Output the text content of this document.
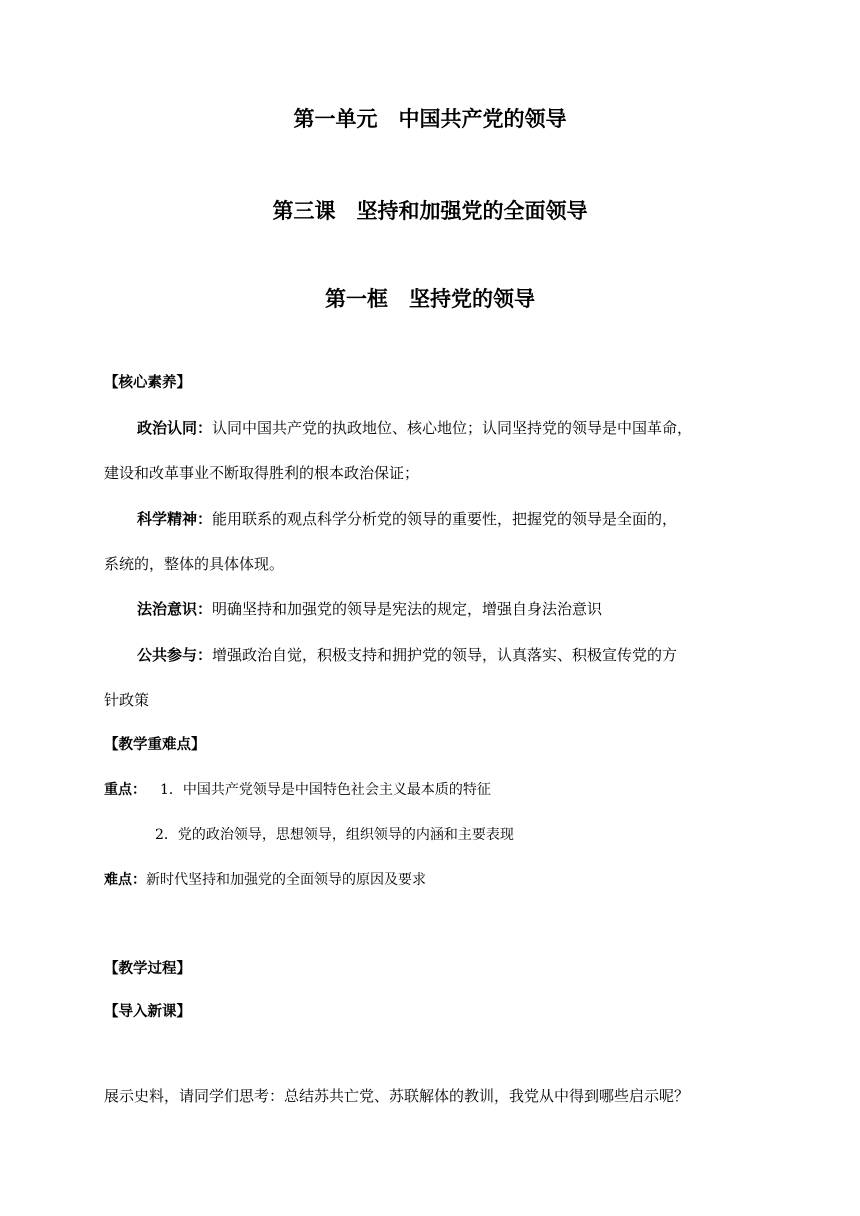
第一单元　中国共产党的领导
第三课　坚持和加强党的全面领导
第一框　坚持党的领导
【核心素养】
政治认同：认同中国共产党的执政地位、核心地位；认同坚持党的领导是中国革命，
建设和改革事业不断取得胜利的根本政治保证；
科学精神：能用联系的观点科学分析党的领导的重要性，把握党的领导是全面的，
系统的，整体的具体体现。
法治意识：明确坚持和加强党的领导是宪法的规定，增强自身法治意识
公共参与：增强政治自觉，积极支持和拥护党的领导，认真落实、积极宣传党的方
针政策
【教学重难点】
重点： 1．中国共产党领导是中国特色社会主义最本质的特征
2．党的政治领导，思想领导，组织领导的内涵和主要表现
难点：新时代坚持和加强党的全面领导的原因及要求
【教学过程】
【导入新课】
展示史料，请同学们思考：总结苏共亡党、苏联解体的教训，我党从中得到哪些启示呢？
